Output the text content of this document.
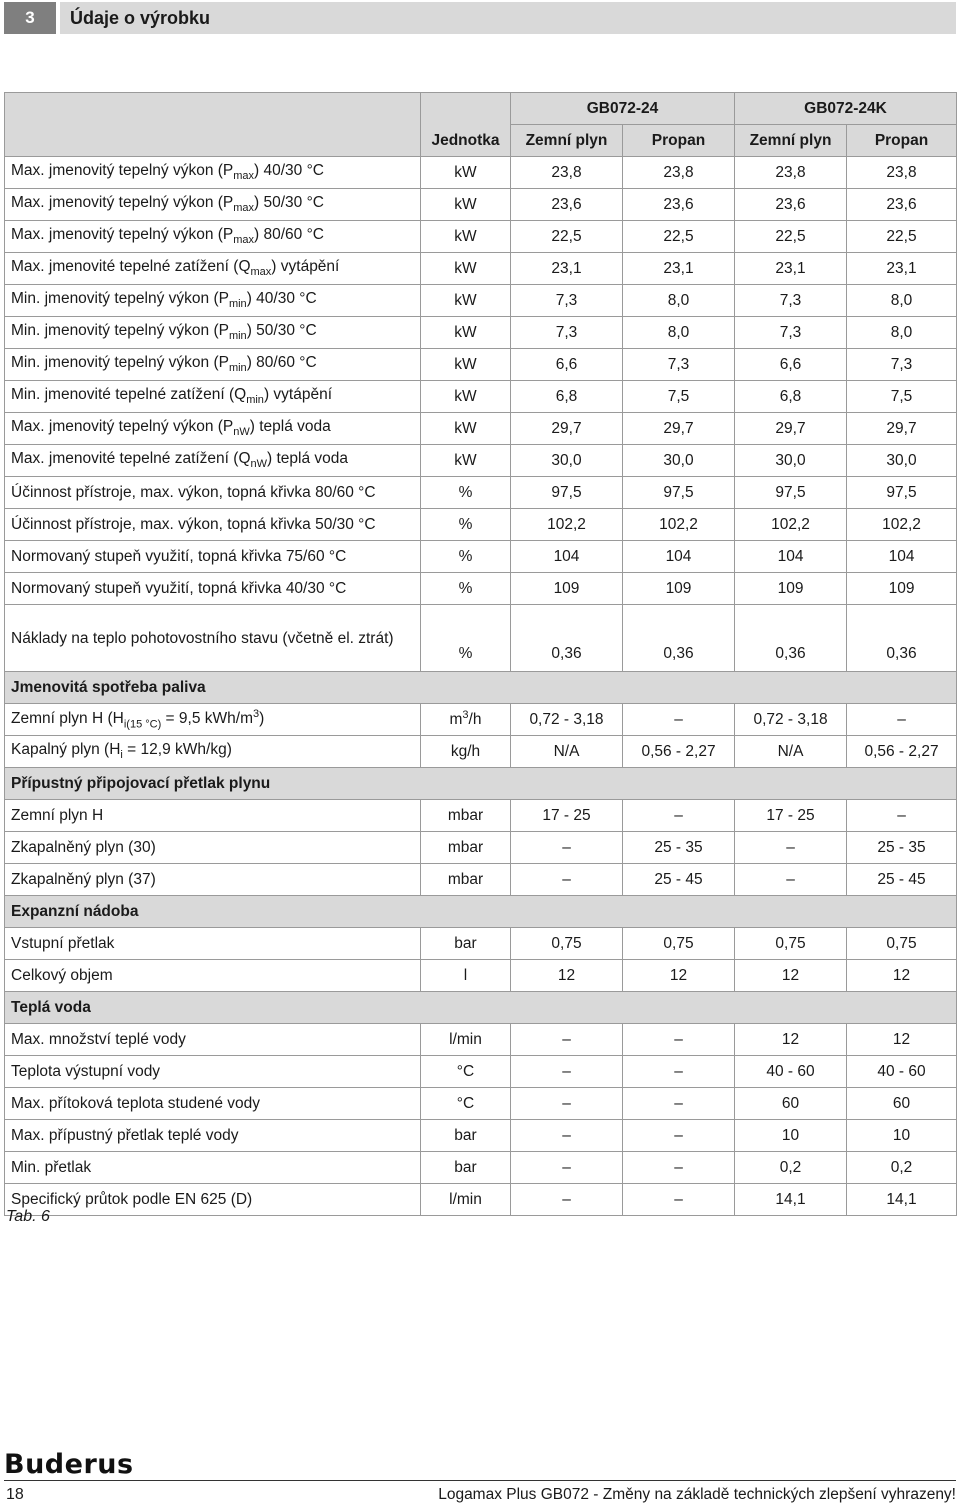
3	Údaje o výrobku
	Jednotka	GB072-24		GB072-24K	
		Zemní plyn	Propan	Zemní plyn	Propan
Max. jmenovitý tepelný výkon $(P_{max})$ 40/30 °C	kW	23,8	23,8	23,8	23,8
Max. jmenovitý tepelný výkon $(P_{max})$ 50/30 °C	kW	23,6	23,6	23,6	23,6
Max. jmenovitý tepelný výkon $(P_{max})$ 80/60 °C	kW	22,5	22,5	22,5	22,5
Max. jmenovité tepelné zatížení $(Q_{max})$ vytápění	kW	23,1	23,1	23,1	23,1
Min. jmenovitý tepelný výkon $(P_{min})$ 40/30 °C	kW	7,3	8,0	7,3	8,0
Min. jmenovitý tepelný výkon $(P_{min})$ 50/30 °C	kW	7,3	8,0	7,3	8,0
Min. jmenovitý tepelný výkon $(P_{min})$ 80/60 °C	kW	6,6	7,3	6,6	7,3
Min. jmenovité tepelné zatížení $(Q_{min})$ vytápění	kW	6,8	7,5	6,8	7,5
Max. jmenovitý tepelný výkon $(P_{nW})$ teplá voda	kW	29,7	29,7	29,7	29,7
Max. jmenovité tepelné zatížení $(Q_{nW})$ teplá voda	kW	30,0	30,0	30,0	30,0
Účinnost přístroje, max. výkon, topná křivka 80/60 °C	%	97,5	97,5	97,5	97,5
Účinnost přístroje, max. výkon, topná křivka 50/30 °C	%	102,2	102,2	102,2	102,2
Normovaný stupeň využití, topná křivka 75/60 °C	%	104	104	104	104
Normovaný stupeň využití, topná křivka 40/30 °C	%	109	109	109	109
Náklady na teplo pohotovostního stavu (včetně el. ztrát)	%	0,36	0,36	0,36	0,36
Jmenovitá spotřeba paliva					
Zemní plyn H ($H_{i(15 ^\circ C)} = 9,5$ kWh/$m^3$)	$m^3/h$	0,72 - 3,18	–	0,72 - 3,18	–
Kapalný plyn ($H_i = 12,9$ kWh/kg)	kg/h	N/A	0,56 - 2,27	N/A	0,56 - 2,27
Přípustný připojovací přetlak plynu					
Zemní plyn H	mbar	17 - 25	–	17 - 25	–
Zkapalněný plyn (30)	mbar	–	25 - 35	–	25 - 35
Zkapalněný plyn (37)	mbar	–	25 - 45	–	25 - 45
Expanzní nádoba					
Vstupní přetlak	bar	0,75	0,75	0,75	0,75
Celkový objem	l	12	12	12	12
Teplá voda					
Max. množství teplé vody	l/min	–	–	12	12
Teplota výstupní vody	°C	–	–	40 - 60	40 - 60
Max. přítoková teplota studené vody	°C	–	–	60	60
Max. přípustný přetlak teplé vody	bar	–	–	10	10
Min. přetlak	bar	–	–	0,2	0,2
Specifický průtok podle EN 625 (D)	l/min	–	–	14,1	14,1
Tab. 6
Buderus
18	Logamax Plus GB072 - Změny na základě technických zlepšení vyhrazeny!
